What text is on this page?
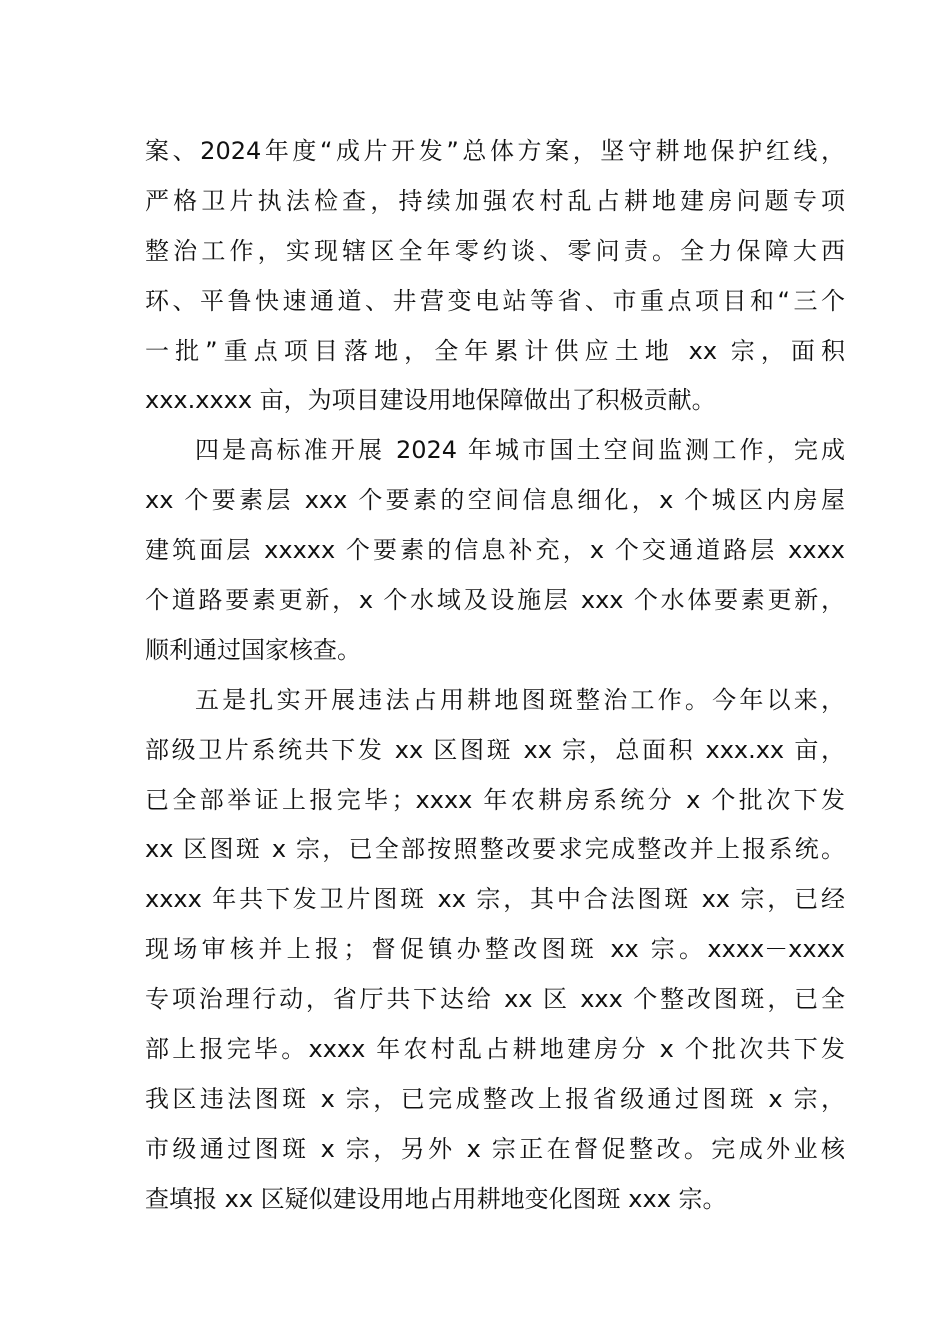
案、2024年度“成片开发”总体方案，坚守耕地保护红线，
严格卫片执法检查，持续加强农村乱占耕地建房问题专项
整治工作，实现辖区全年零约谈、零问责。全力保障大西
环、平鲁快速通道、井营变电站等省、市重点项目和“三个
一批”重点项目落地，全年累计供应土地 xx 宗，面积
xxx.xxxx 亩，为项目建设用地保障做出了积极贡献。
四是高标准开展 2024 年城市国土空间监测工作，完成
xx 个要素层 xxx 个要素的空间信息细化，x 个城区内房屋
建筑面层 xxxxx 个要素的信息补充，x 个交通道路层 xxxx
个道路要素更新，x 个水域及设施层 xxx 个水体要素更新，
顺利通过国家核查。
五是扎实开展违法占用耕地图斑整治工作。今年以来，
部级卫片系统共下发 xx 区图斑 xx 宗，总面积 xxx.xx 亩，
已全部举证上报完毕；xxxx 年农耕房系统分 x 个批次下发
xx 区图斑 x 宗，已全部按照整改要求完成整改并上报系统。
xxxx 年共下发卫片图斑 xx 宗，其中合法图斑 xx 宗，已经
现场审核并上报；督促镇办整改图斑 xx 宗。xxxx－xxxx
专项治理行动，省厅共下达给 xx 区 xxx 个整改图斑，已全
部上报完毕。xxxx 年农村乱占耕地建房分 x 个批次共下发
我区违法图斑 x 宗，已完成整改上报省级通过图斑 x 宗，
市级通过图斑 x 宗，另外 x 宗正在督促整改。完成外业核
查填报 xx 区疑似建设用地占用耕地变化图斑 xxx 宗。
